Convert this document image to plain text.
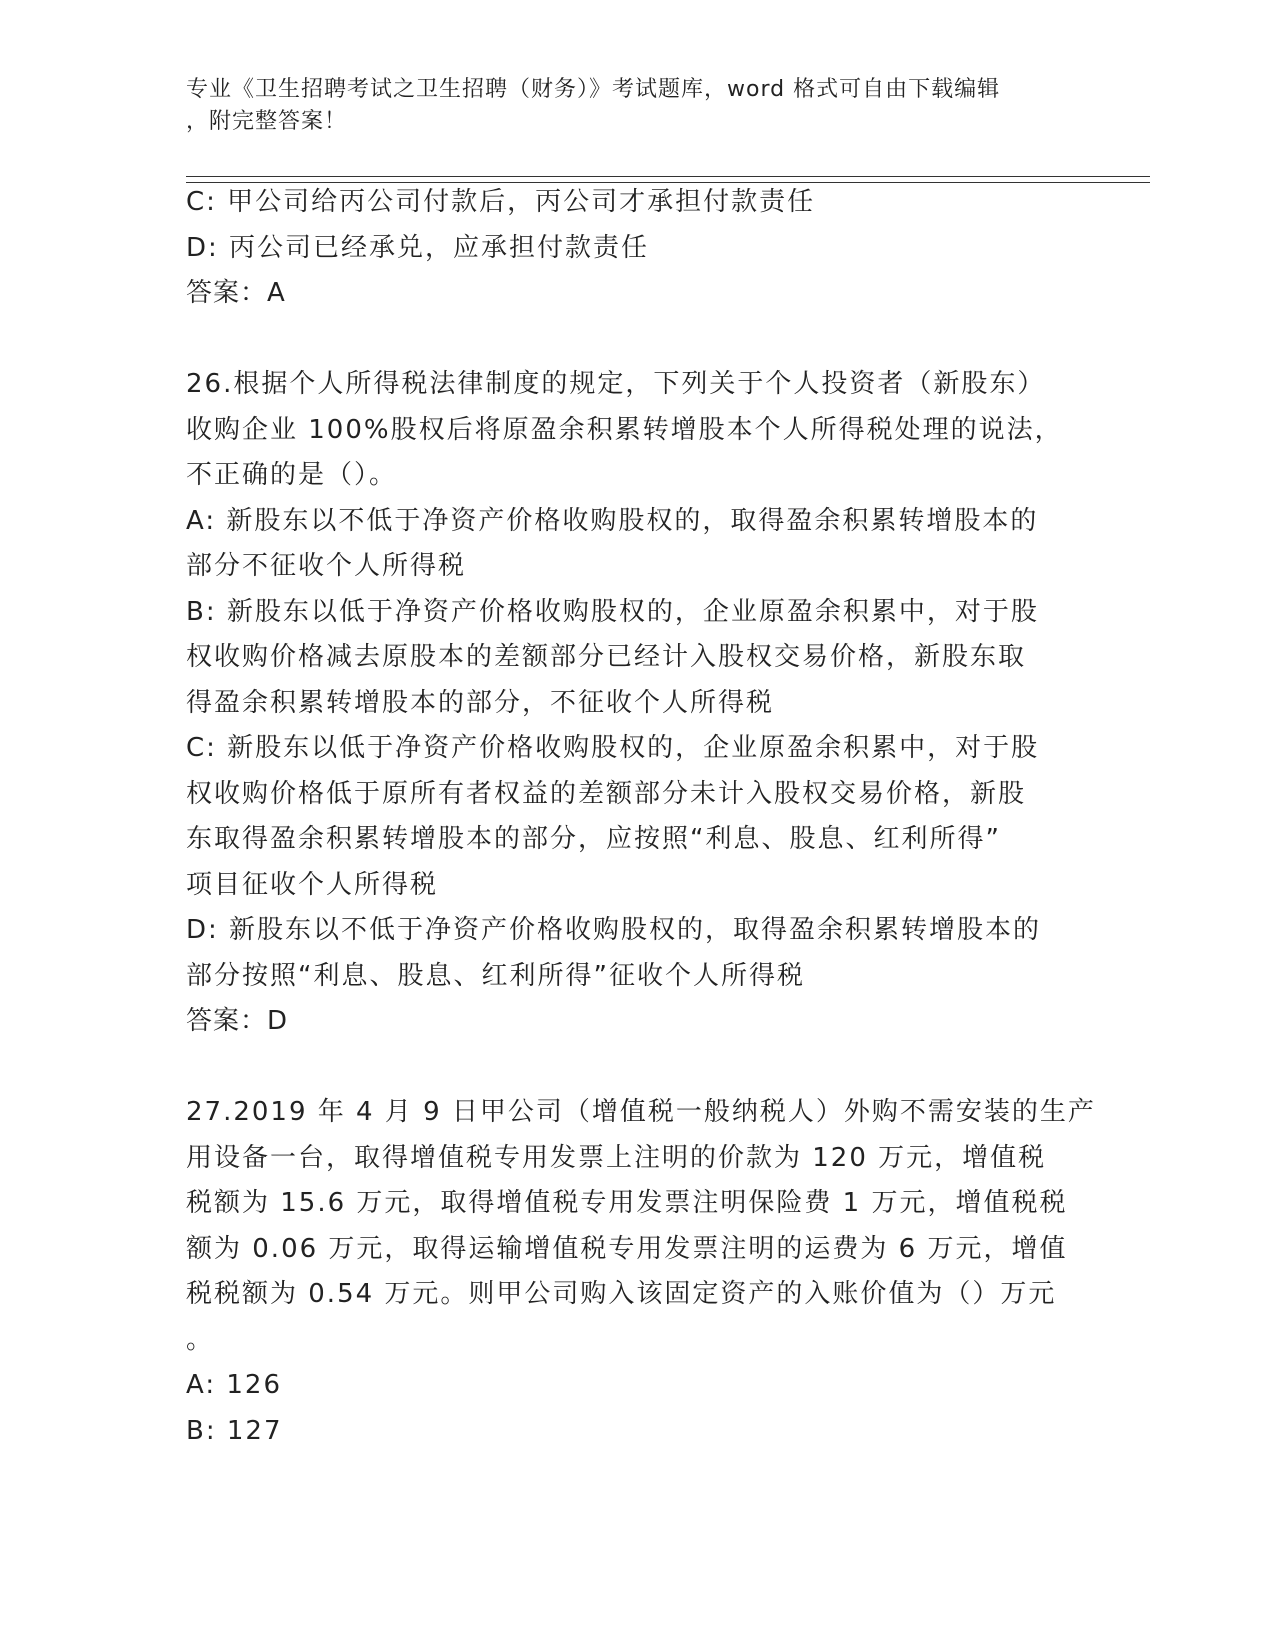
专业《卫生招聘考试之卫生招聘（财务）》考试题库，word 格式可自由下载编辑
，附完整答案！
C: 甲公司给丙公司付款后，丙公司才承担付款责任
D: 丙公司已经承兑，应承担付款责任
答案：A
26.根据个人所得税法律制度的规定，下列关于个人投资者（新股东）
收购企业 100%股权后将原盈余积累转增股本个人所得税处理的说法，
不正确的是（）。
A: 新股东以不低于净资产价格收购股权的，取得盈余积累转增股本的
部分不征收个人所得税
B: 新股东以低于净资产价格收购股权的，企业原盈余积累中，对于股
权收购价格减去原股本的差额部分已经计入股权交易价格，新股东取
得盈余积累转增股本的部分，不征收个人所得税
C: 新股东以低于净资产价格收购股权的，企业原盈余积累中，对于股
权收购价格低于原所有者权益的差额部分未计入股权交易价格，新股
东取得盈余积累转增股本的部分，应按照“利息、股息、红利所得”
项目征收个人所得税
D: 新股东以不低于净资产价格收购股权的，取得盈余积累转增股本的
部分按照“利息、股息、红利所得”征收个人所得税
答案：D
27.2019 年 4 月 9 日甲公司（增值税一般纳税人）外购不需安装的生产
用设备一台，取得增值税专用发票上注明的价款为 120 万元，增值税
税额为 15.6 万元，取得增值税专用发票注明保险费 1 万元，增值税税
额为 0.06 万元，取得运输增值税专用发票注明的运费为 6 万元，增值
税税额为 0.54 万元。则甲公司购入该固定资产的入账价值为（）万元
。
A: 126
B: 127
